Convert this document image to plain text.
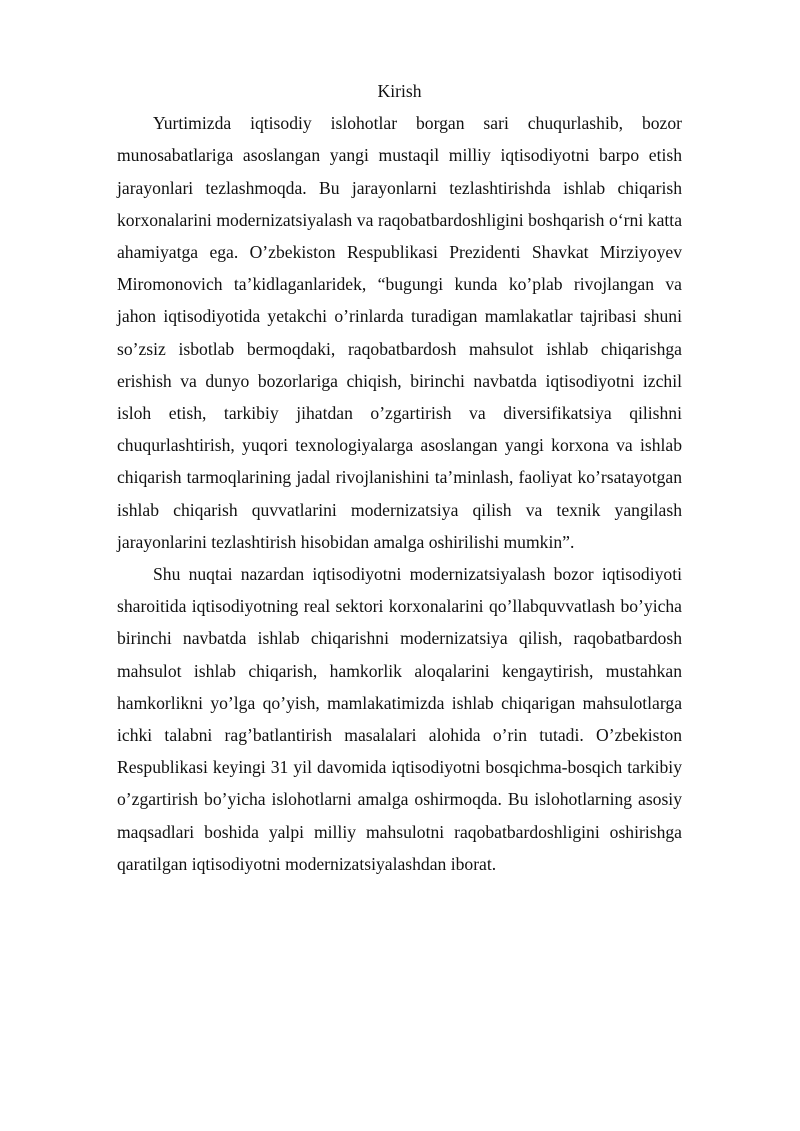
Kirish

Yurtimizda iqtisodiy islohotlar borgan sari chuqurlashib, bozor munosabatlariga asoslangan yangi mustaqil milliy iqtisodiyotni barpo etish jarayonlari tezlashmoqda. Bu jarayonlarni tezlashtirishda ishlab chiqarish korxonalarini modernizatsiyalash va raqobatbardoshligini boshqarish o‘rni katta ahamiyatga ega. O’zbekiston Respublikasi Prezidenti Shavkat Mirziyoyev Miromonovich ta’kidlaganlaridek, “bugungi kunda ko’plab rivojlangan va jahon iqtisodiyotida yetakchi o’rinlarda turadigan mamlakatlar tajribasi shuni so’zsiz isbotlab bermoqdaki, raqobatbardosh mahsulot ishlab chiqarishga erishish va dunyo bozorlariga chiqish, birinchi navbatda iqtisodiyotni izchil isloh etish, tarkibiy jihatdan o’zgartirish va diversifikatsiya qilishni chuqurlashtirish, yuqori texnologiyalarga asoslangan yangi korxona va ishlab chiqarish tarmoqlarining jadal rivojlanishini ta’minlash, faoliyat ko’rsatayotgan ishlab chiqarish quvvatlarini modernizatsiya qilish va texnik yangilash jarayonlarini tezlashtirish hisobidan amalga oshirilishi mumkin”.

Shu nuqtai nazardan iqtisodiyotni modernizatsiyalash bozor iqtisodiyoti sharoitida iqtisodiyotning real sektori korxonalarini qo’llabquvvatlash bo’yicha birinchi navbatda ishlab chiqarishni modernizatsiya qilish, raqobatbardosh mahsulot ishlab chiqarish, hamkorlik aloqalarini kengaytirish, mustahkan hamkorlikni yo’lga qo’yish, mamlakatimizda ishlab chiqarigan mahsulotlarga ichki talabni rag’batlantirish masalalari alohida o’rin tutadi. O’zbekiston Respublikasi keyingi 31 yil davomida iqtisodiyotni bosqichma-bosqich tarkibiy o’zgartirish bo’yicha islohotlarni amalga oshirmoqda. Bu islohotlarning asosiy maqsadlari boshida yalpi milliy mahsulotni raqobatbardoshligini oshirishga qaratilgan iqtisodiyotni modernizatsiyalashdan iborat.
